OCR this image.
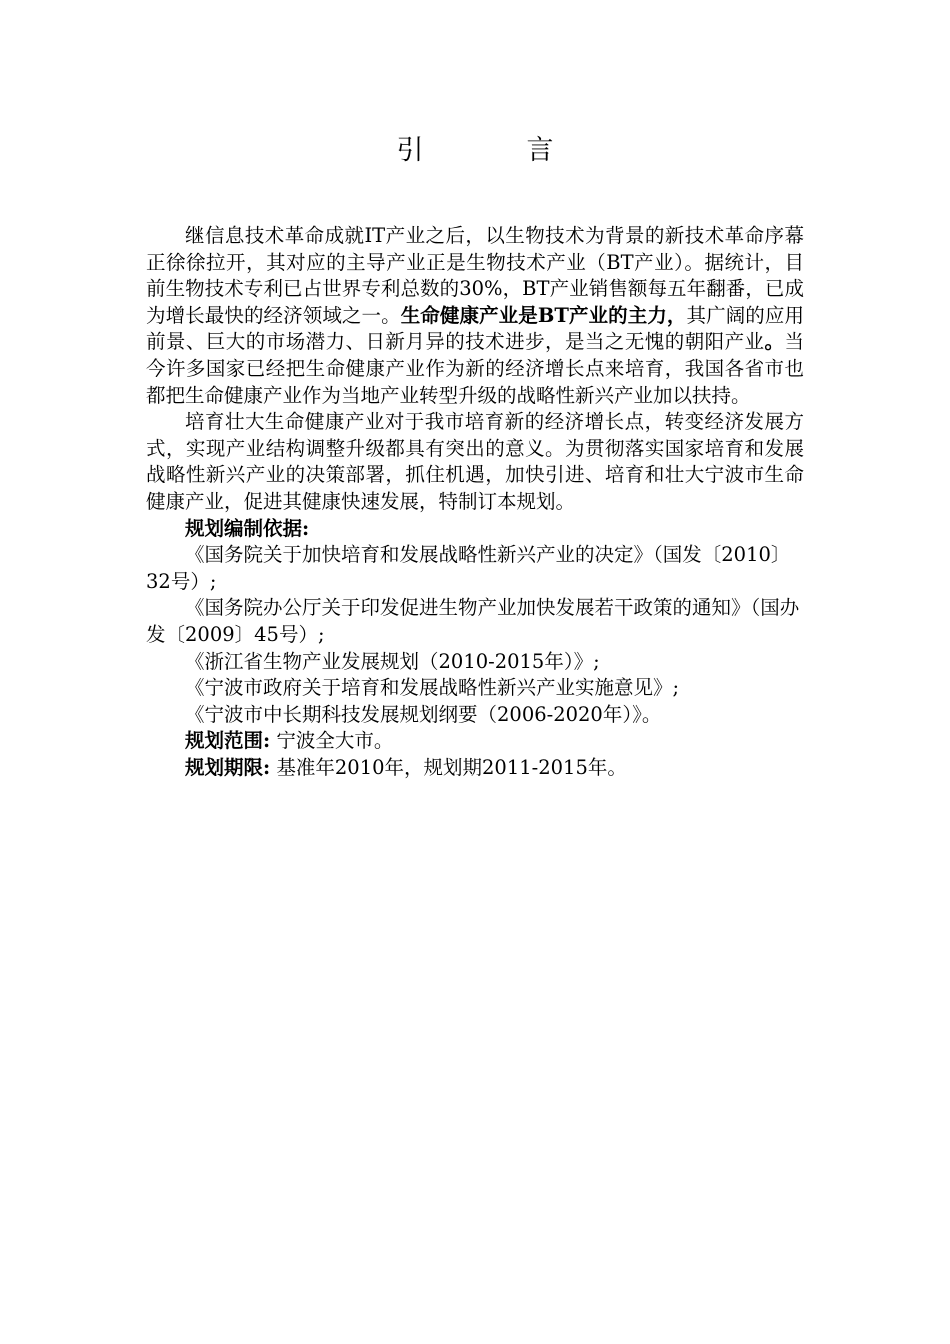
引　言

继信息技术革命成就IT产业之后，以生物技术为背景的新技术革命序幕正徐徐拉开，其对应的主导产业正是生物技术产业（BT产业）。据统计，目前生物技术专利已占世界专利总数的30%，BT产业销售额每五年翻番，已成为增长最快的经济领域之一。生命健康产业是BT产业的主力，其广阔的应用前景、巨大的市场潜力、日新月异的技术进步，是当之无愧的朝阳产业。当今许多国家已经把生命健康产业作为新的经济增长点来培育，我国各省市也都把生命健康产业作为当地产业转型升级的战略性新兴产业加以扶持。

培育壮大生命健康产业对于我市培育新的经济增长点，转变经济发展方式，实现产业结构调整升级都具有突出的意义。为贯彻落实国家培育和发展战略性新兴产业的决策部署，抓住机遇，加快引进、培育和壮大宁波市生命健康产业，促进其健康快速发展，特制订本规划。

规划编制依据:

《国务院关于加快培育和发展战略性新兴产业的决定》（国发〔2010〕32号）;

《国务院办公厅关于印发促进生物产业加快发展若干政策的通知》（国办发〔2009〕45号）;

《浙江省生物产业发展规划（2010-2015年）》;

《宁波市政府关于培育和发展战略性新兴产业实施意见》;

《宁波市中长期科技发展规划纲要（2006-2020年）》。

规划范围: 宁波全大市。

规划期限: 基准年2010年，规划期2011-2015年。
